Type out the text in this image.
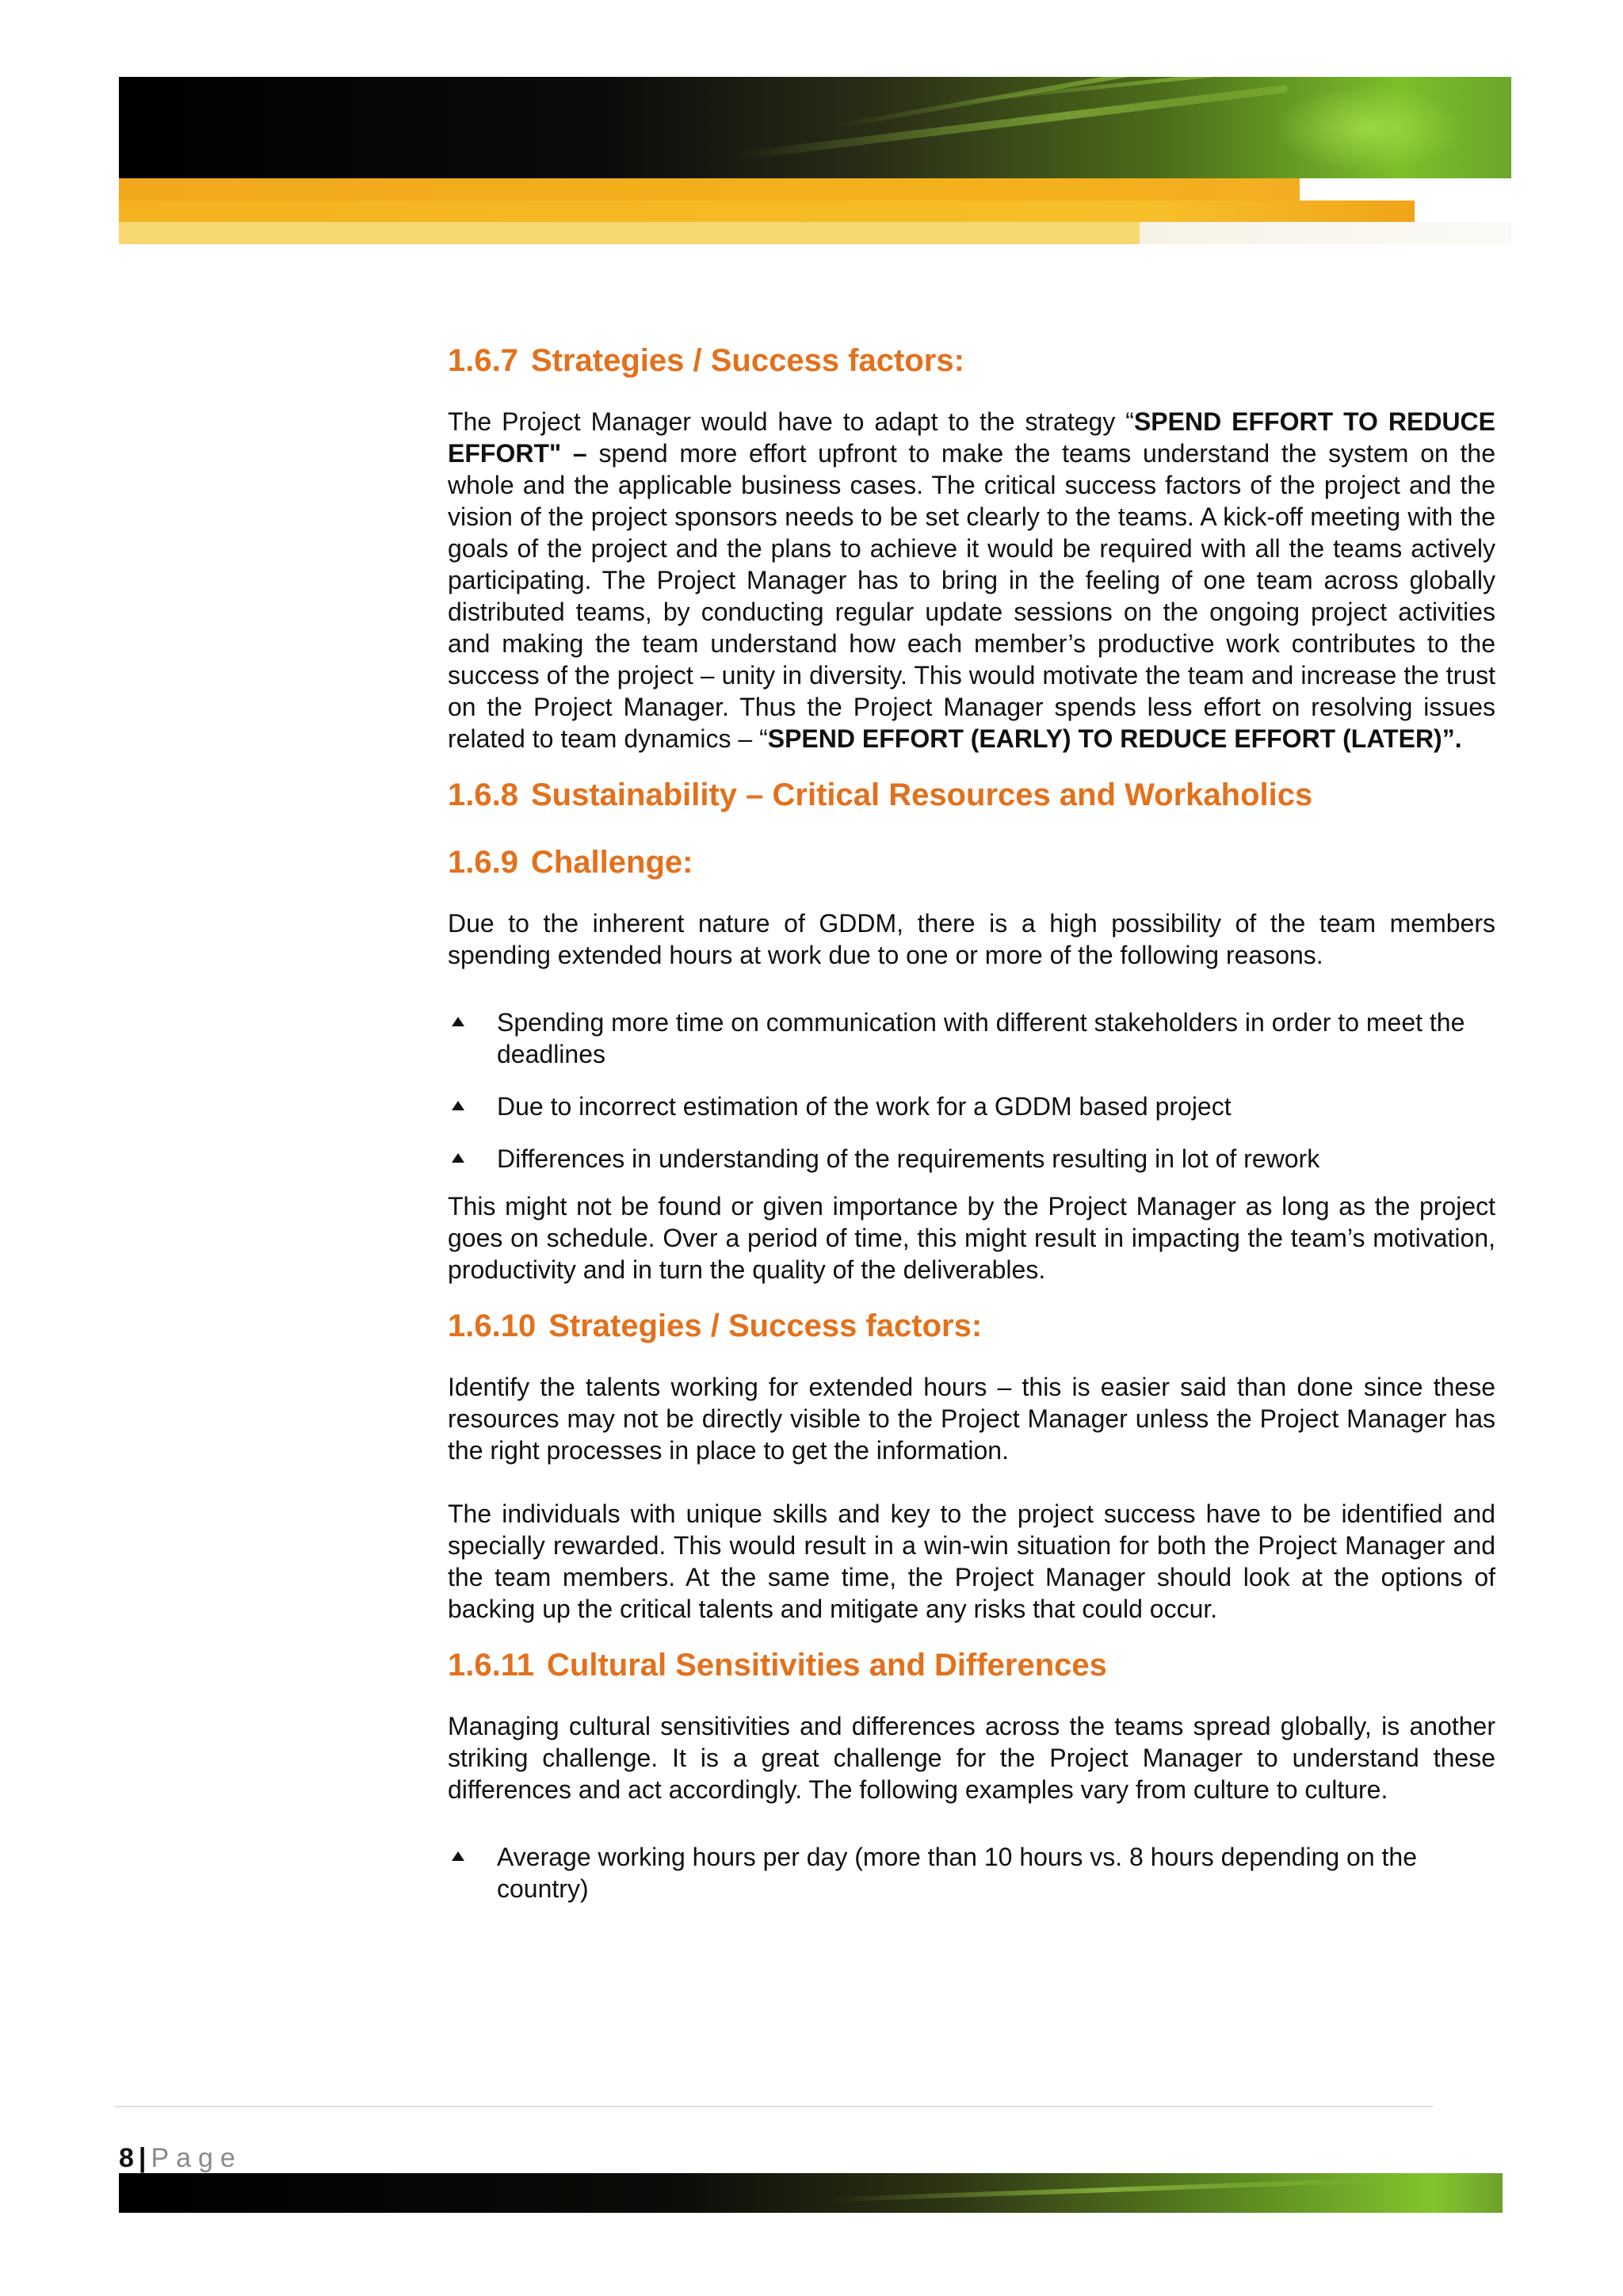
1.6.7 Strategies / Success factors:

The Project Manager would have to adapt to the strategy “SPEND EFFORT TO REDUCE EFFORT" – spend more effort upfront to make the teams understand the system on the whole and the applicable business cases. The critical success factors of the project and the vision of the project sponsors needs to be set clearly to the teams. A kick-off meeting with the goals of the project and the plans to achieve it would be required with all the teams actively participating. The Project Manager has to bring in the feeling of one team across globally distributed teams, by conducting regular update sessions on the ongoing project activities and making the team understand how each member’s productive work contributes to the success of the project – unity in diversity. This would motivate the team and increase the trust on the Project Manager. Thus the Project Manager spends less effort on resolving issues related to team dynamics – “SPEND EFFORT (EARLY) TO REDUCE EFFORT (LATER)”.

1.6.8 Sustainability – Critical Resources and Workaholics
1.6.9 Challenge:

Due to the inherent nature of GDDM, there is a high possibility of the team members spending extended hours at work due to one or more of the following reasons.

Spending more time on communication with different stakeholders in order to meet the deadlines
Due to incorrect estimation of the work for a GDDM based project
Differences in understanding of the requirements resulting in lot of rework

This might not be found or given importance by the Project Manager as long as the project goes on schedule. Over a period of time, this might result in impacting the team’s motivation, productivity and in turn the quality of the deliverables.

1.6.10 Strategies / Success factors:

Identify the talents working for extended hours – this is easier said than done since these resources may not be directly visible to the Project Manager unless the Project Manager has the right processes in place to get the information.

The individuals with unique skills and key to the project success have to be identified and specially rewarded. This would result in a win-win situation for both the Project Manager and the team members. At the same time, the Project Manager should look at the options of backing up the critical talents and mitigate any risks that could occur.

1.6.11 Cultural Sensitivities and Differences

Managing cultural sensitivities and differences across the teams spread globally, is another striking challenge. It is a great challenge for the Project Manager to understand these differences and act accordingly. The following examples vary from culture to culture.

Average working hours per day (more than 10 hours vs. 8 hours depending on the country)
8 | Page
